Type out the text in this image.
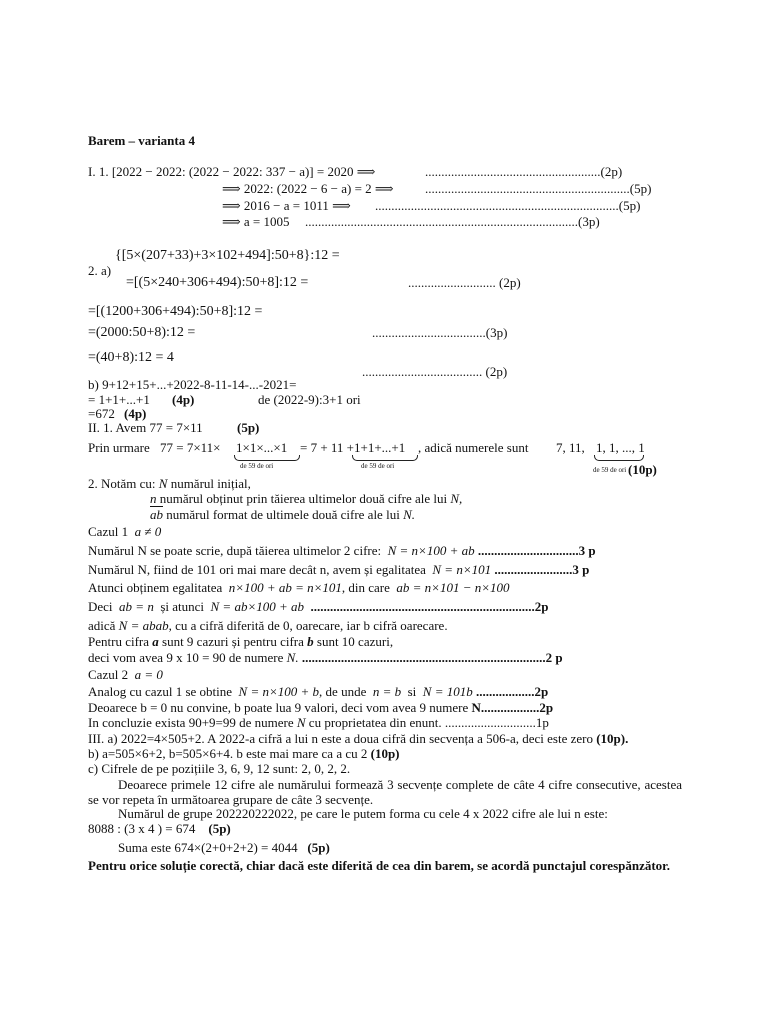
Barem – varianta 4
I. 1. [2022 − 2022: (2022 − 2022: 337 − a)] = 2020 ⟹	......................................................(2p)
⟹ 2022: (2022 − 6 − a) = 2 ⟹ ...............................................................(5p)
⟹ 2016 − a = 1011 ⟹ ...........................................................................(5p)
⟹ a = 1005 ....................................................................................(3p)
2. a)
{[5×(207+33)+3×102+494]:50+8}:12 =
=[(5×240+306+494):50+8]:12 =	........................... (2p)
=[(1200+306+494):50+8]:12 =
=(2000:50+8):12 =	...................................(3p)
=(40+8):12 = 4
..................................... (2p)
b) 9+12+15+...+2022-8-11-14-...-2021=
= 1+1+...+1 (4p)	de (2022-9):3+1 ori
=672 (4p)
II. 1. Avem 77 = 7×11	(5p)
Prin urmare 77 = 7×11× 1×1×...×1
de 59 de ori
= 7 + 11 + 1+1+...+1
de 59 de ori
, adică numerele sunt 7, 11, 1, 1, ..., 1
de 59 de ori (10p)
2. Notăm cu: N numărul inițial,
n numărul obținut prin tăierea ultimelor două cifre ale lui N,
$\overline{ab}$ numărul format de ultimele două cifre ale lui N.
Cazul 1 a ≠ 0
Numărul N se poate scrie, după tăierea ultimelor 2 cifre: N = n×100 + ab ...............................3 p
Numărul N, fiind de 101 ori mai mare decât n, avem și egalitatea N = n×101 ........................3 p
Atunci obținem egalitatea n×100 + ab = n×101, din care ab = n×101 − n×100
Deci ab = n și atunci N = ab×100 + ab .....................................................................2p
adică N = abab, cu a cifră diferită de 0, oarecare, iar b cifră oarecare.
Pentru cifra a sunt 9 cazuri și pentru cifra b sunt 10 cazuri,
deci vom avea 9 x 10 = 90 de numere N. ...........................................................................2 p
Cazul 2 a = 0
Analog cu cazul 1 se obtine N = n×100 + b, de unde n = b si N = 101b ..................2p
Deoarece b = 0 nu convine, b poate lua 9 valori, deci vom avea 9 numere N..................2p
In concluzie exista 90+9=99 de numere N cu proprietatea din enunt. ............................1p
III. a) 2022=4×505+2. A 2022-a cifră a lui n este a doua cifră din secvența a 506-a, deci este zero (10p).
b) a=505×6+2, b=505×6+4. b este mai mare ca a cu 2 (10p)
c) Cifrele de pe pozițiile 3, 6, 9, 12 sunt: 2, 0, 2, 2.
Deoarece primele 12 cifre ale numărului formează 3 secvențe complete de câte 4 cifre consecutive, acestea se vor repeta în următoarea grupare de câte 3 secvențe.
Numărul de grupe 202220222022, pe care le putem forma cu cele 4 x 2022 cifre ale lui n este:
8088 : (3 x 4 ) = 674 (5p)
Suma este 674×(2+0+2+2) = 4044 (5p)
Pentru orice soluție corectă, chiar dacă este diferită de cea din barem, se acordă punctajul corespănzător.
